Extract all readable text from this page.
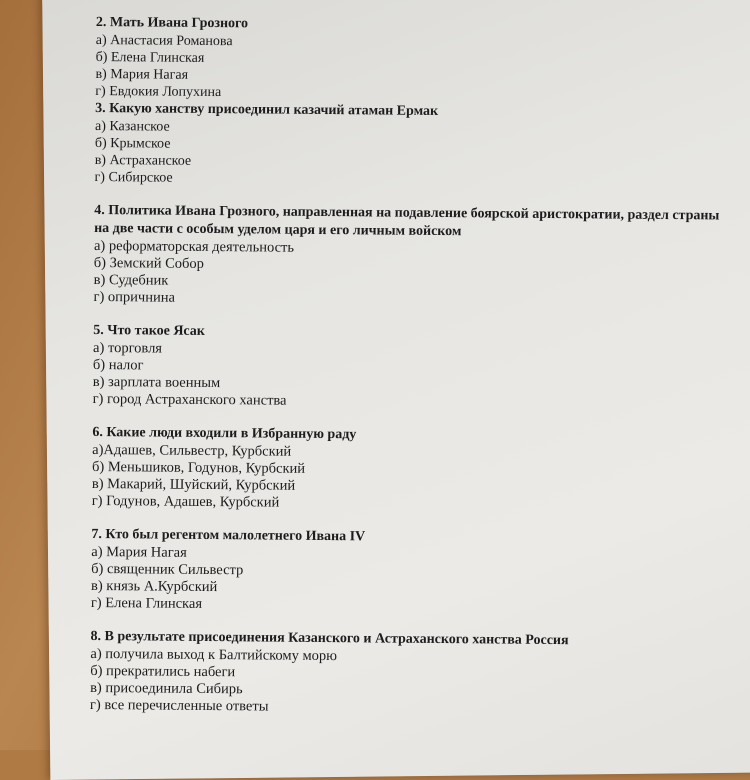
2. Мать Ивана Грозного
а) Анастасия Романова
б) Елена Глинская
в) Мария Нагая
г) Евдокия Лопухина
3. Какую ханству присоединил казачий атаман Ермак
а) Казанское
б) Крымское
в) Астраханское
г) Сибирское
4. Политика Ивана Грозного, направленная на подавление боярской аристократии, раздел страны на две части с особым уделом царя и его личным войском
а) реформаторская деятельность
б) Земский Собор
в) Судебник
г) опричнина
5. Что такое Ясак
а) торговля
б) налог
в) зарплата военным
г) город Астраханского ханства
6. Какие люди входили в Избранную раду
а)Адашев, Сильвестр, Курбский
б) Меньшиков, Годунов, Курбский
в) Макарий, Шуйский, Курбский
г) Годунов, Адашев, Курбский
7. Кто был регентом малолетнего Ивана IV
а) Мария Нагая
б) священник Сильвестр
в) князь А.Курбский
г) Елена Глинская
8. В результате присоединения Казанского и Астраханского ханства Россия
а) получила выход к Балтийскому морю
б) прекратились набеги
в) присоединила Сибирь
г) все перечисленные ответы
